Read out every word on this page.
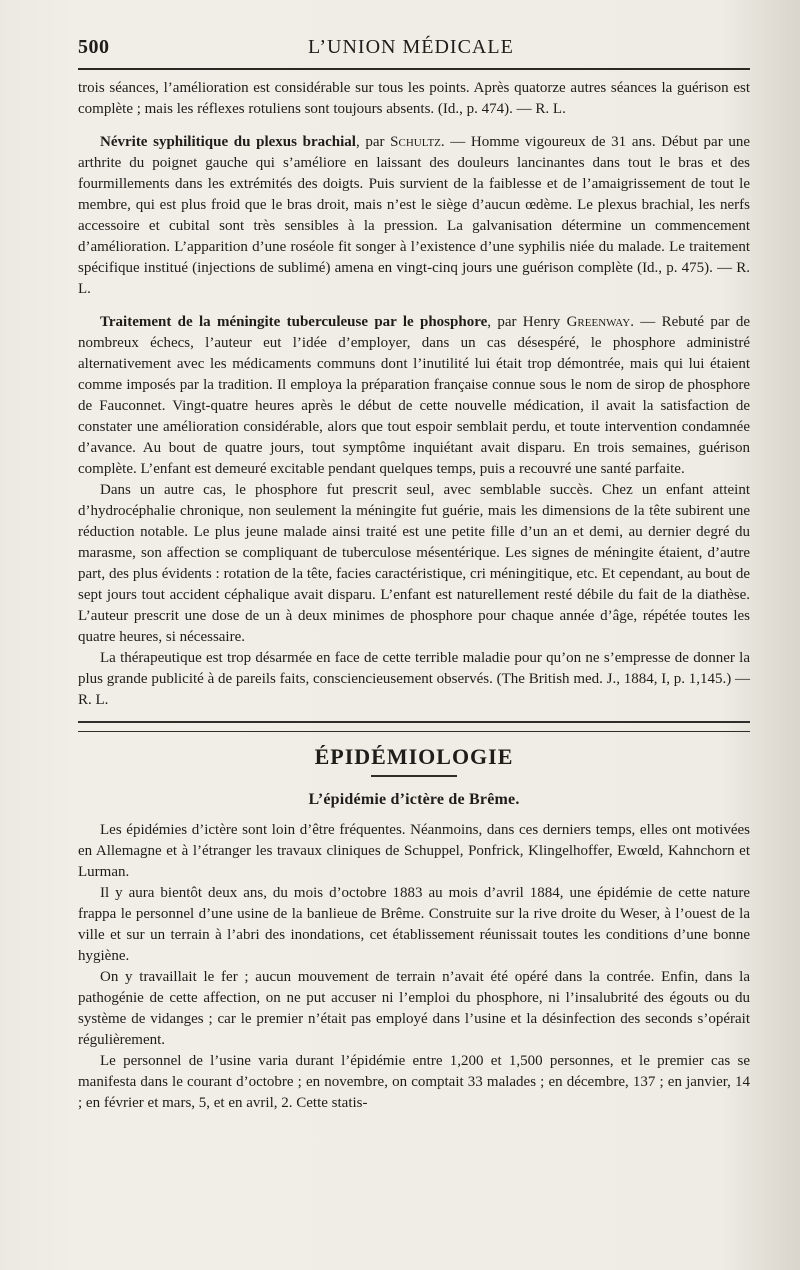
500	L’UNION MÉDICALE

trois séances, l’amélioration est considérable sur tous les points. Après quatorze autres séances la guérison est complète ; mais les réflexes rotuliens sont toujours absents. (Id., p. 474). — R. L.

Névrite syphilitique du plexus brachial, par Schultz. — Homme vigoureux de 31 ans. Début par une arthrite du poignet gauche qui s’améliore en laissant des douleurs lancinantes dans tout le bras et des fourmillements dans les extrémités des doigts. Puis survient de la faiblesse et de l’amaigrissement de tout le membre, qui est plus froid que le bras droit, mais n’est le siège d’aucun œdème. Le plexus brachial, les nerfs accessoire et cubital sont très sensibles à la pression. La galvanisation détermine un commencement d’amélioration. L’apparition d’une roséole fit songer à l’existence d’une syphilis niée du malade. Le traitement spécifique institué (injections de sublimé) amena en vingt-cinq jours une guérison complète (Id., p. 475). — R. L.

Traitement de la méningite tuberculeuse par le phosphore, par Henry Greenway. — Rebuté par de nombreux échecs, l’auteur eut l’idée d’employer, dans un cas désespéré, le phosphore administré alternativement avec les médicaments communs dont l’inutilité lui était trop démontrée, mais qui lui étaient comme imposés par la tradition. Il employa la préparation française connue sous le nom de sirop de phosphore de Fauconnet. Vingt-quatre heures après le début de cette nouvelle médication, il avait la satisfaction de constater une amélioration considérable, alors que tout espoir semblait perdu, et toute intervention condamnée d’avance. Au bout de quatre jours, tout symptôme inquiétant avait disparu. En trois semaines, guérison complète. L’enfant est demeuré excitable pendant quelques temps, puis a recouvré une santé parfaite.

Dans un autre cas, le phosphore fut prescrit seul, avec semblable succès. Chez un enfant atteint d’hydrocéphalie chronique, non seulement la méningite fut guérie, mais les dimensions de la tête subirent une réduction notable. Le plus jeune malade ainsi traité est une petite fille d’un an et demi, au dernier degré du marasme, son affection se compliquant de tuberculose mésentérique. Les signes de méningite étaient, d’autre part, des plus évidents : rotation de la tête, facies caractéristique, cri méningitique, etc. Et cependant, au bout de sept jours tout accident céphalique avait disparu. L’enfant est naturellement resté débile du fait de la diathèse. L’auteur prescrit une dose de un à deux minimes de phosphore pour chaque année d’âge, répétée toutes les quatre heures, si nécessaire.

La thérapeutique est trop désarmée en face de cette terrible maladie pour qu’on ne s’empresse de donner la plus grande publicité à de pareils faits, consciencieusement observés. (The British med. J., 1884, I, p. 1,145.) — R. L.

ÉPIDÉMIOLOGIE
L’épidémie d’ictère de Brême.

Les épidémies d’ictère sont loin d’être fréquentes. Néanmoins, dans ces derniers temps, elles ont motivées en Allemagne et à l’étranger les travaux cliniques de Schuppel, Ponfrick, Klingelhoffer, Ewœld, Kahnchorn et Lurman.

Il y aura bientôt deux ans, du mois d’octobre 1883 au mois d’avril 1884, une épidémie de cette nature frappa le personnel d’une usine de la banlieue de Brême. Construite sur la rive droite du Weser, à l’ouest de la ville et sur un terrain à l’abri des inondations, cet établissement réunissait toutes les conditions d’une bonne hygiène.

On y travaillait le fer ; aucun mouvement de terrain n’avait été opéré dans la contrée. Enfin, dans la pathogénie de cette affection, on ne put accuser ni l’emploi du phosphore, ni l’insalubrité des égouts ou du système de vidanges ; car le premier n’était pas employé dans l’usine et la désinfection des seconds s’opérait régulièrement.

Le personnel de l’usine varia durant l’épidémie entre 1,200 et 1,500 personnes, et le premier cas se manifesta dans le courant d’octobre ; en novembre, on comptait 33 malades ; en décembre, 137 ; en janvier, 14 ; en février et mars, 5, et en avril, 2. Cette statis-
